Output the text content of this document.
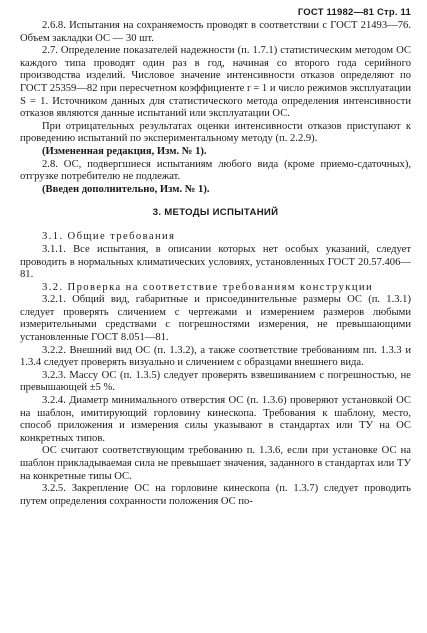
ГОСТ 11982—81 Стр. 11

2.6.8. Испытания на сохраняемость проводят в соответствии с ГОСТ 21493—76. Объем закладки ОС — 30 шт.

2.7. Определение показателей надежности (п. 1.7.1) статистическим методом ОС каждого типа проводят один раз в год, начиная со второго года серийного производства изделий. Числовое значение интенсивности отказов определяют по ГОСТ 25359—82 при пересчетном коэффициенте r = 1 и число режимов эксплуатации S = 1. Источником данных для статистического метода определения интенсивности отказов являются данные испытаний или эксплуатации ОС.

При отрицательных результатах оценки интенсивности отказов приступают к проведению испытаний по экспериментальному методу (п. 2.2.9).

(Измененная редакция, Изм. № 1).

2.8. ОС, подвергшиеся испытаниям любого вида (кроме приемо-сдаточных), отгрузке потребителю не подлежат.

(Введен дополнительно, Изм. № 1).

3. МЕТОДЫ ИСПЫТАНИЙ

3.1. Общие требования

3.1.1. Все испытания, в описании которых нет особых указаний, следует проводить в нормальных климатических условиях, установленных ГОСТ 20.57.406—81.

3.2. Проверка на соответствие требованиям конструкции

3.2.1. Общий вид, габаритные и присоединительные размеры ОС (п. 1.3.1) следует проверять сличением с чертежами и измерением размеров любыми измерительными средствами с погрешностями измерения, не превышающими установленные ГОСТ 8.051—81.

3.2.2. Внешний вид ОС (п. 1.3.2), а также соответствие требованиям пп. 1.3.3 и 1.3.4 следует проверять визуально и сличением с образцами внешнего вида.

3.2.3. Массу ОС (п. 1.3.5) следует проверять взвешиванием с погрешностью, не превышающей ±5 %.

3.2.4. Диаметр минимального отверстия ОС (п. 1.3.6) проверяют установкой ОС на шаблон, имитирующий горловину кинескопа. Требования к шаблону, место, способ приложения и измерения силы указывают в стандартах или ТУ на ОС конкретных типов.

ОС считают соответствующим требованию п. 1.3.6, если при установке ОС на шаблон прикладываемая сила не превышает значения, заданного в стандартах или ТУ на конкретные типы ОС.

3.2.5. Закрепление ОС на горловине кинескопа (п. 1.3.7) следует проводить путем определения сохранности положения ОС по-
